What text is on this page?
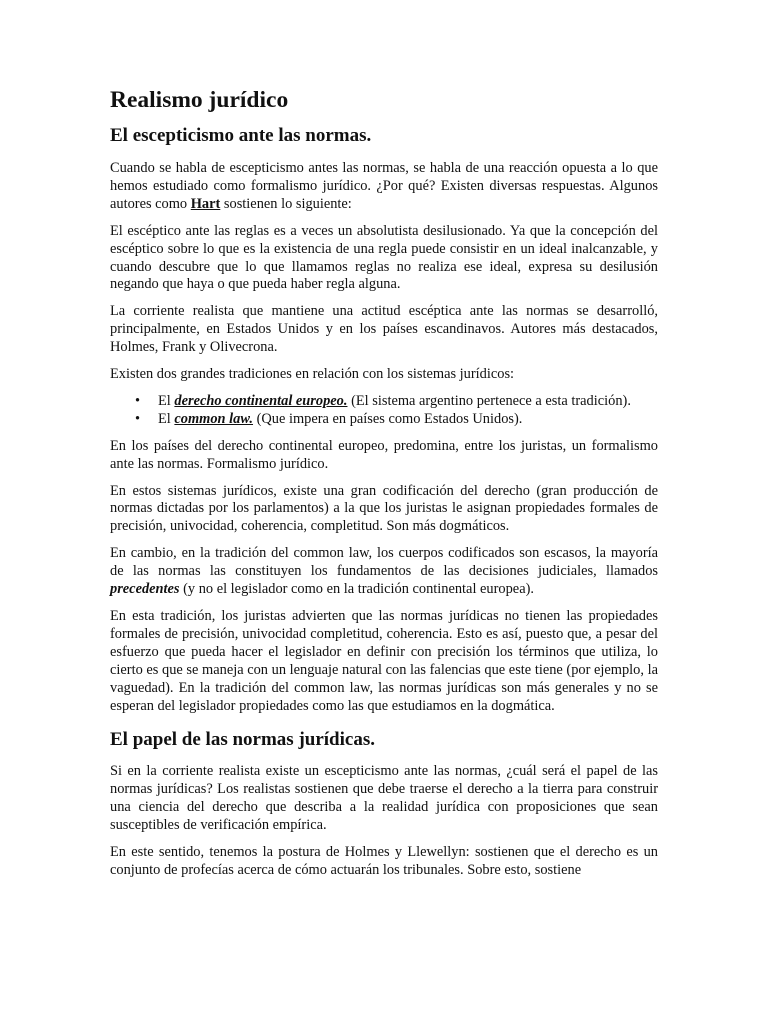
Realismo jurídico
El escepticismo ante las normas.

Cuando se habla de escepticismo antes las normas, se habla de una reacción opuesta a lo que hemos estudiado como formalismo jurídico. ¿Por qué? Existen diversas respuestas. Algunos autores como Hart sostienen lo siguiente:

El escéptico ante las reglas es a veces un absolutista desilusionado. Ya que la concepción del escéptico sobre lo que es la existencia de una regla puede consistir en un ideal inalcanzable, y cuando descubre que lo que llamamos reglas no realiza ese ideal, expresa su desilusión negando que haya o que pueda haber regla alguna.

La corriente realista que mantiene una actitud escéptica ante las normas se desarrolló, principalmente, en Estados Unidos y en los países escandinavos. Autores más destacados, Holmes, Frank y Olivecrona.

Existen dos grandes tradiciones en relación con los sistemas jurídicos:

• El derecho continental europeo. (El sistema argentino pertenece a esta tradición).
• El common law. (Que impera en países como Estados Unidos).

En los países del derecho continental europeo, predomina, entre los juristas, un formalismo ante las normas. Formalismo jurídico.

En estos sistemas jurídicos, existe una gran codificación del derecho (gran producción de normas dictadas por los parlamentos) a la que los juristas le asignan propiedades formales de precisión, univocidad, coherencia, completitud. Son más dogmáticos.

En cambio, en la tradición del common law, los cuerpos codificados son escasos, la mayoría de las normas las constituyen los fundamentos de las decisiones judiciales, llamados precedentes (y no el legislador como en la tradición continental europea).

En esta tradición, los juristas advierten que las normas jurídicas no tienen las propiedades formales de precisión, univocidad completitud, coherencia. Esto es así, puesto que, a pesar del esfuerzo que pueda hacer el legislador en definir con precisión los términos que utiliza, lo cierto es que se maneja con un lenguaje natural con las falencias que este tiene (por ejemplo, la vaguedad). En la tradición del common law, las normas jurídicas son más generales y no se esperan del legislador propiedades como las que estudiamos en la dogmática.

El papel de las normas jurídicas.

Si en la corriente realista existe un escepticismo ante las normas, ¿cuál será el papel de las normas jurídicas? Los realistas sostienen que debe traerse el derecho a la tierra para construir una ciencia del derecho que describa a la realidad jurídica con proposiciones que sean susceptibles de verificación empírica.

En este sentido, tenemos la postura de Holmes y Llewellyn: sostienen que el derecho es un conjunto de profecías acerca de cómo actuarán los tribunales. Sobre esto, sostiene
